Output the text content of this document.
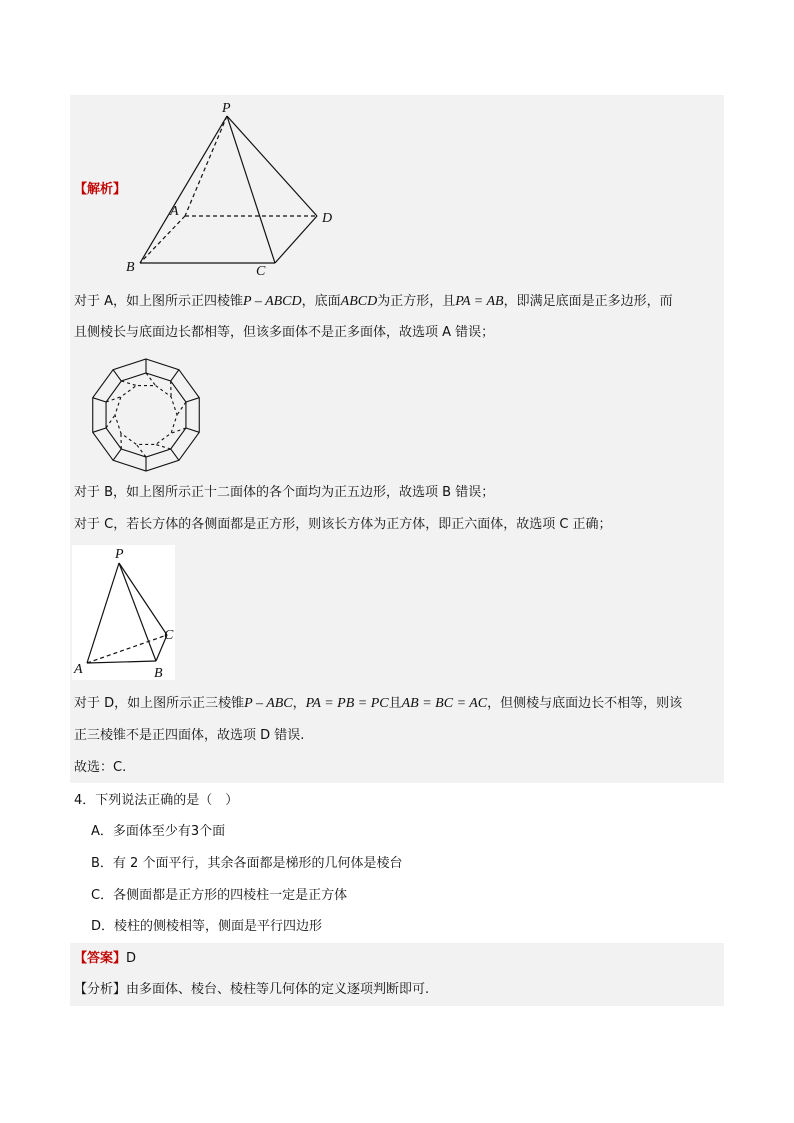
【解析】
P
A
B	C
D
对于 A，如上图所示正四棱锥P – ABCD，底面ABCD为正方形，且PA = AB，即满足底面是正多边形，而
且侧棱长与底面边长都相等，但该多面体不是正多面体，故选项 A 错误；
对于 B，如上图所示正十二面体的各个面均为正五边形，故选项 B 错误；
对于 C，若长方体的各侧面都是正方形，则该长方体为正方体，即正六面体，故选项 C 正确；
P
A	B
C
对于 D，如上图所示正三棱锥P – ABC，PA = PB = PC且AB = BC = AC，但侧棱与底面边长不相等，则该
正三棱锥不是正四面体，故选项 D 错误.
故选：C.
4．下列说法正确的是（　）
A．多面体至少有3个面
B．有 2 个面平行，其余各面都是梯形的几何体是棱台
C．各侧面都是正方形的四棱柱一定是正方体
D．棱柱的侧棱相等，侧面是平行四边形
【答案】D
【分析】由多面体、棱台、棱柱等几何体的定义逐项判断即可.
